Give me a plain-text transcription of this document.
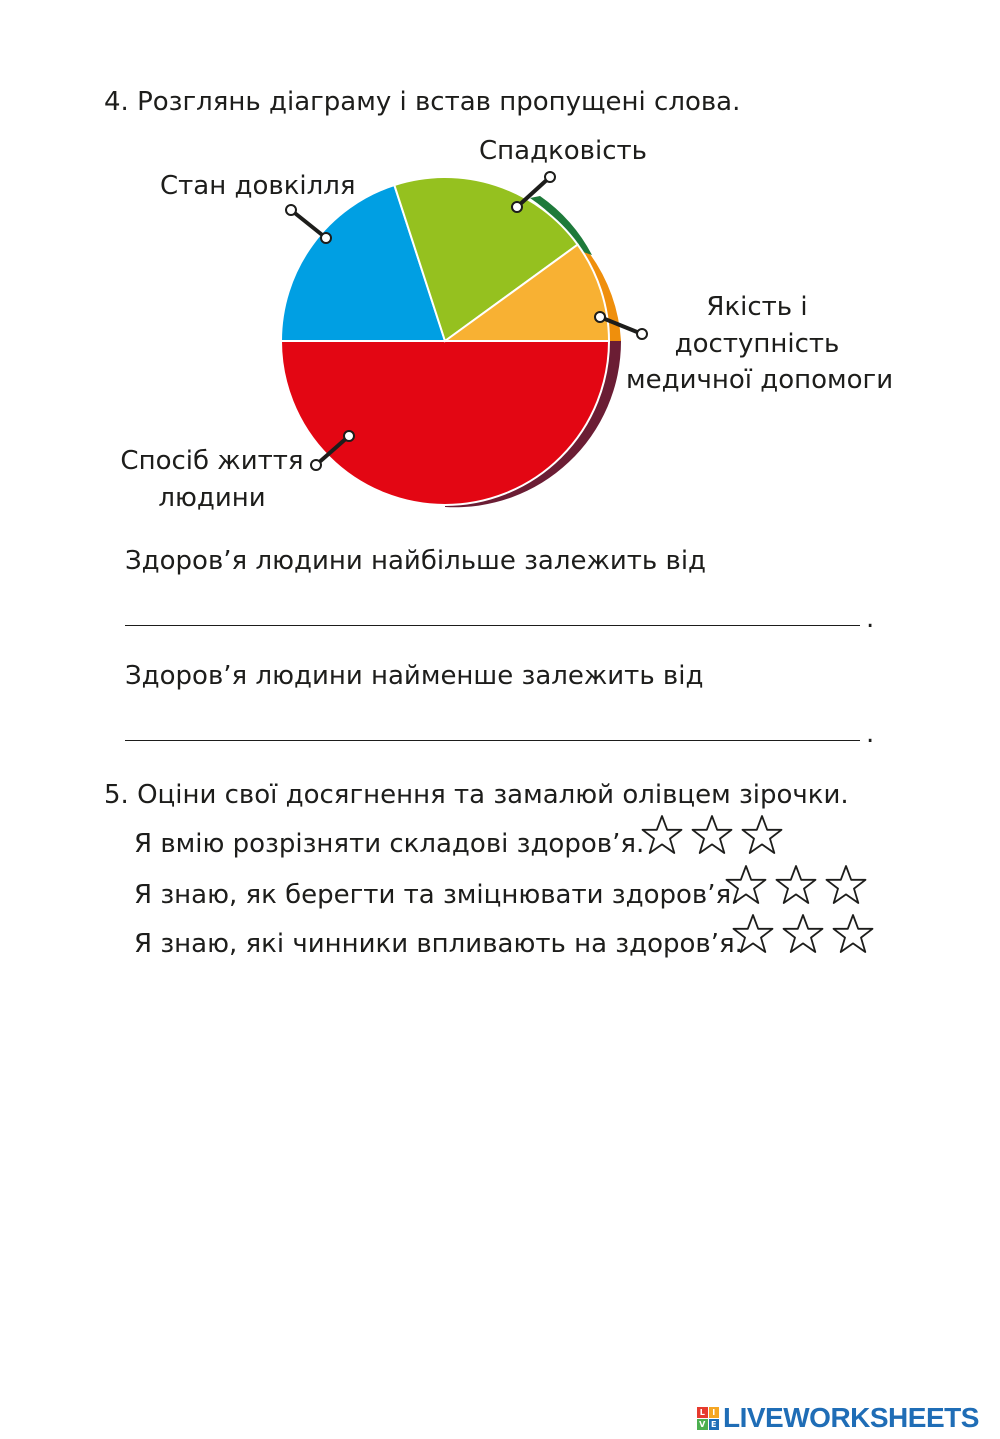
4. Розглянь діаграму і встав пропущені слова.
Стан довкілля
Спадковість
Якість і
доступність
медичної допомоги
Спосіб життя
людини
Здоров’я людини найбільше залежить від
.
Здоров’я людини найменше залежить від
.
5. Оціни свої досягнення та замалюй олівцем зірочки.
Я вмію розрізняти складові здоров’я.
Я знаю, як берегти та зміцнювати здоров’я.
Я знаю, які чинники впливають на здоров’я.
L I
V E LIVEWORKSHEETS
